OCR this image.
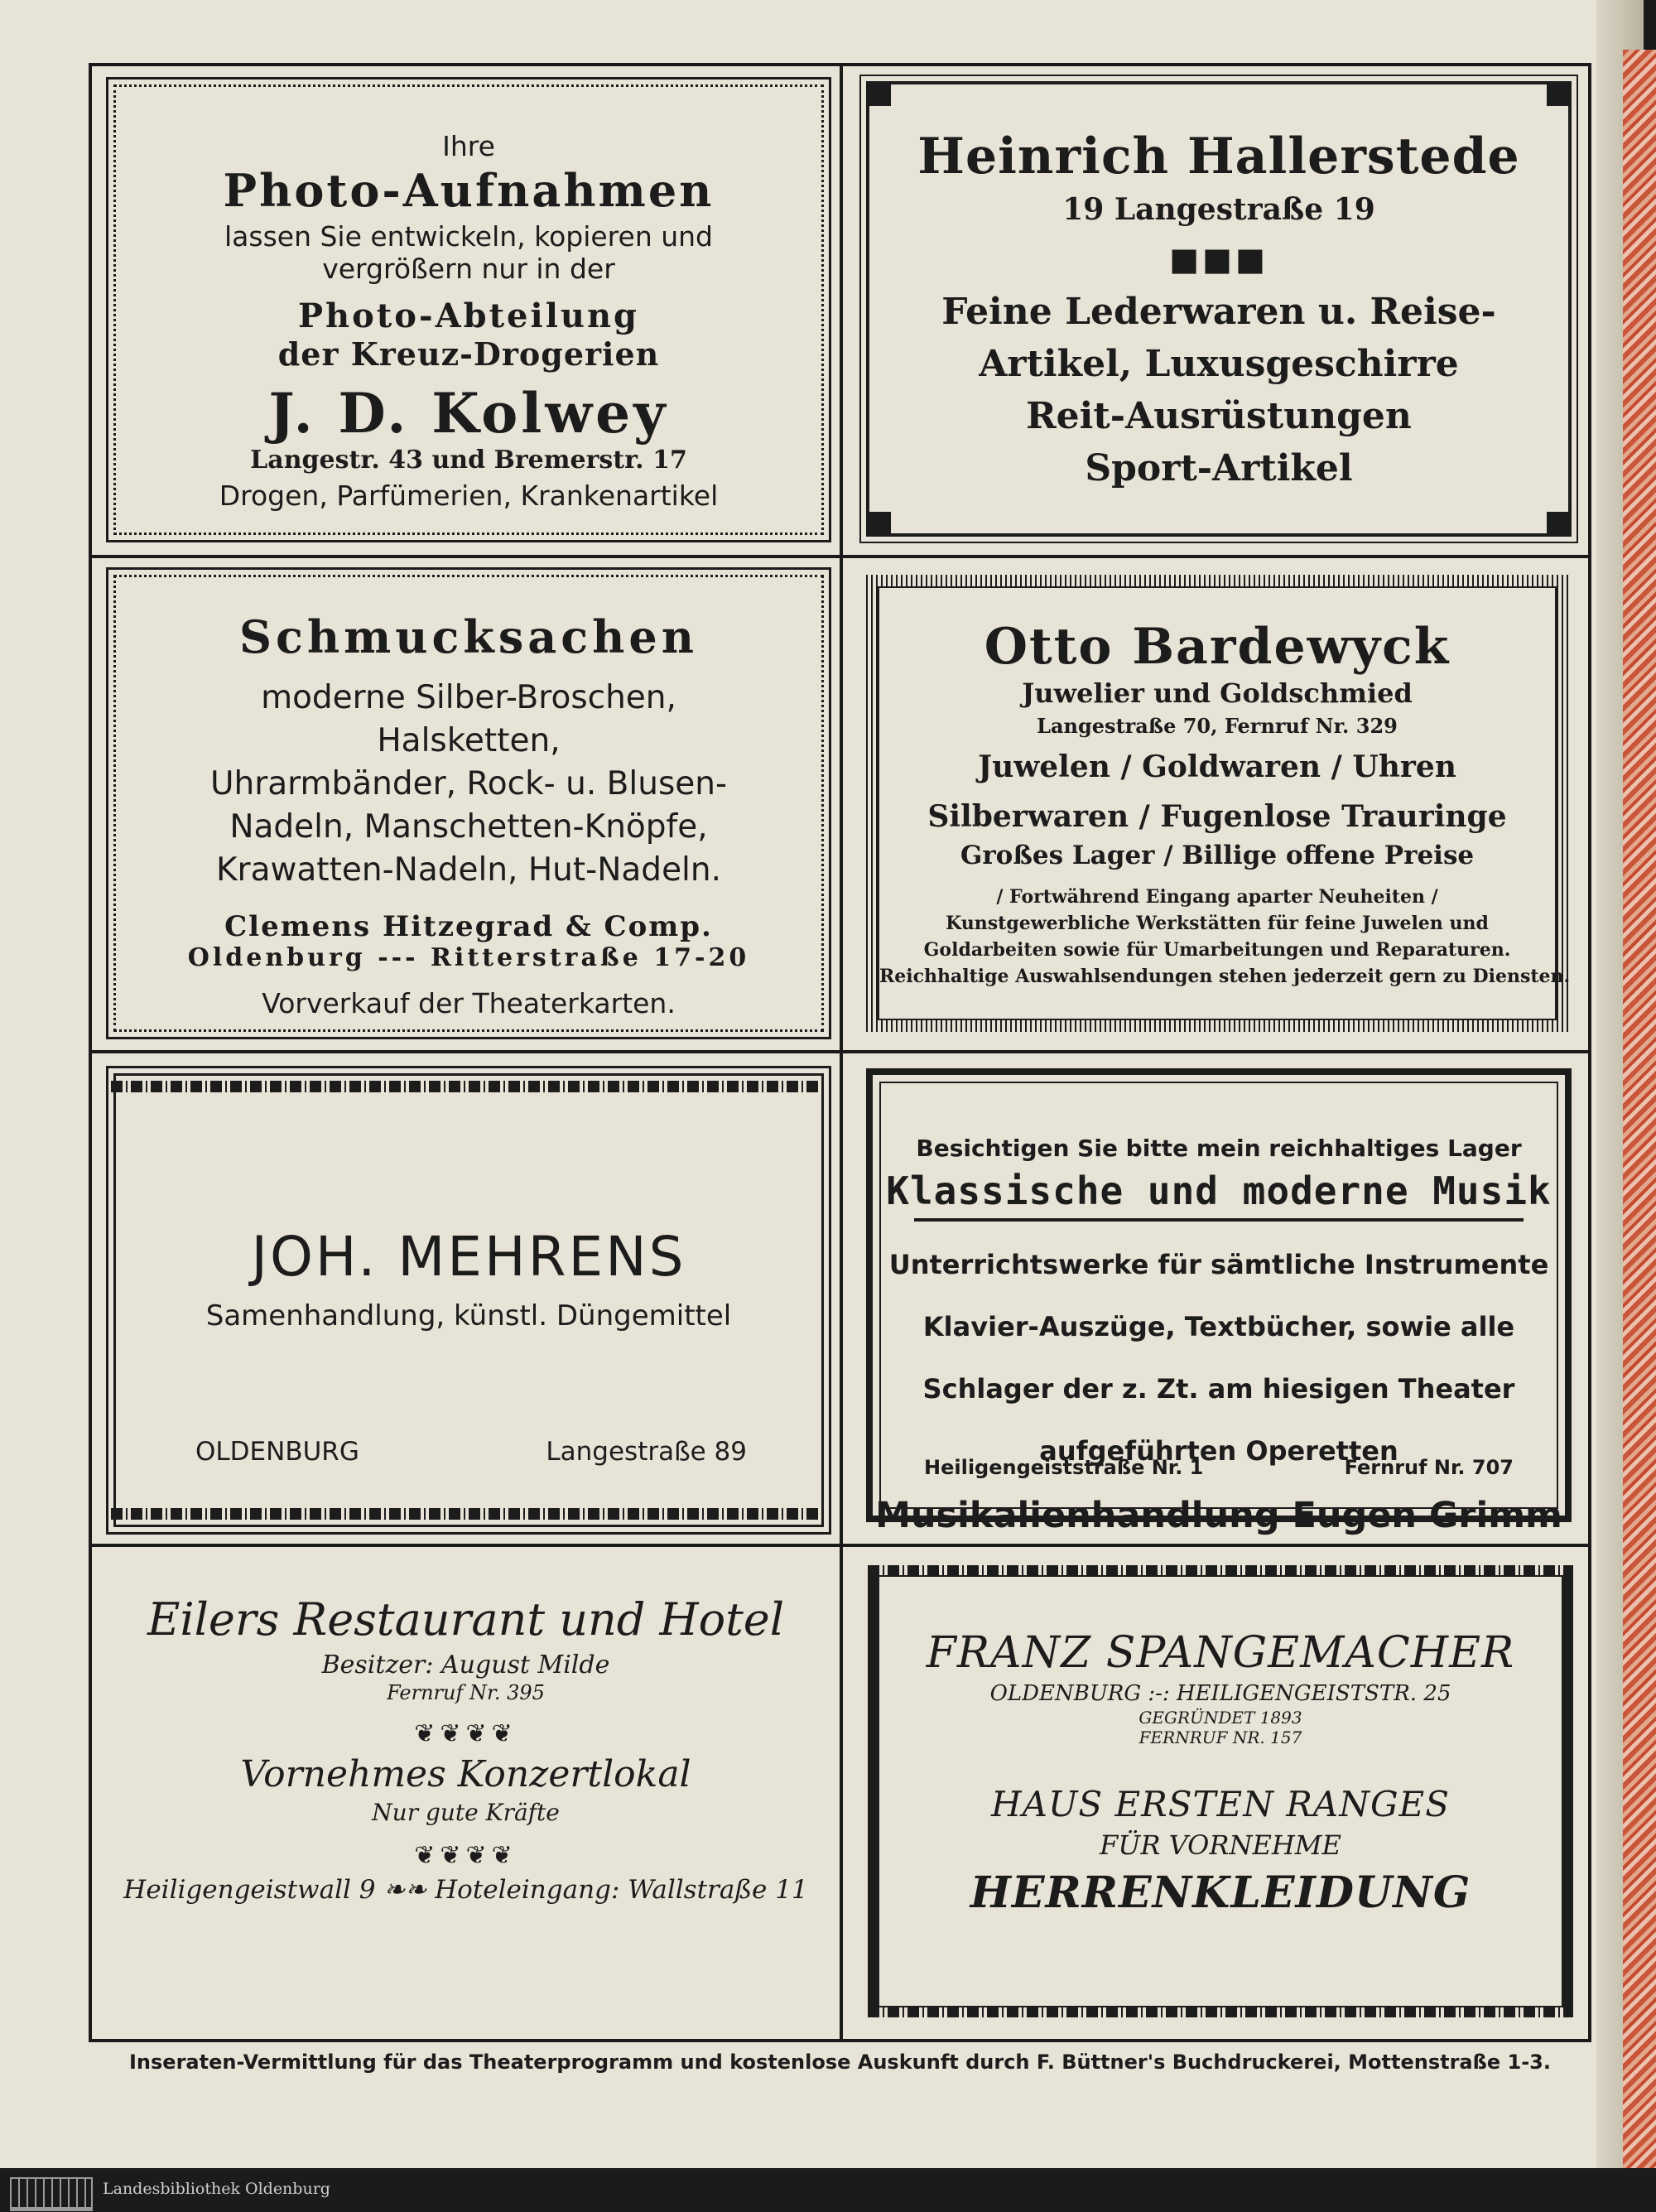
Ihre
Photo-Aufnahmen
lassen Sie entwickeln, kopieren und
vergrößern nur in der
Photo-Abteilung
der Kreuz-Drogerien
J. D. Kolwey
Langestr. 43 und Bremerstr. 17
Drogen, Parfümerien, Krankenartikel
Heinrich Hallerstede
19 Langestraße 19
■■■
Feine Lederwaren u. Reise-
Artikel, Luxusgeschirre
Reit-Ausrüstungen
Sport-Artikel
Schmucksachen
moderne Silber-Broschen,
Halsketten,
Uhrarmbänder, Rock- u. Blusen-
Nadeln, Manschetten-Knöpfe,
Krawatten-Nadeln, Hut-Nadeln.
Clemens Hitzegrad & Comp.
Oldenburg --- Ritterstraße 17-20
Vorverkauf der Theaterkarten.
Otto Bardewyck
Juwelier und Goldschmied
Langestraße 70, Fernruf Nr. 329
Juwelen / Goldwaren / Uhren
Silberwaren / Fugenlose Trauringe
Großes Lager / Billige offene Preise
/ Fortwährend Eingang aparter Neuheiten /
Kunstgewerbliche Werkstätten für feine Juwelen und
Goldarbeiten sowie für Umarbeitungen und Reparaturen.
Reichhaltige Auswahlsendungen stehen jederzeit gern zu Diensten.
JOH. MEHRENS
Samenhandlung, künstl. Düngemittel
OLDENBURG	Langestraße 89
Besichtigen Sie bitte mein reichhaltiges Lager
Klassische und moderne Musik
Unterrichtswerke für sämtliche Instrumente
Klavier-Auszüge, Textbücher, sowie alle
Schlager der z. Zt. am hiesigen Theater
aufgeführten Operetten
Musikalienhandlung Eugen Grimm
Heiligengeiststraße Nr. 1	Fernruf Nr. 707
Eilers Restaurant und Hotel
Besitzer: August Milde
Fernruf Nr. 395
❦❦❦❦
Vornehmes Konzertlokal
Nur gute Kräfte
❦❦❦❦
Heiligengeistwall 9 ❧❧ Hoteleingang: Wallstraße 11
FRANZ SPANGEMACHER
OLDENBURG :-: HEILIGENGEISTSTR. 25
GEGRÜNDET 1893
FERNRUF NR. 157
HAUS ERSTEN RANGES
FÜR VORNEHME
HERRENKLEIDUNG
Inseraten-Vermittlung für das Theaterprogramm und kostenlose Auskunft durch F. Büttner's Buchdruckerei, Mottenstraße 1-3.
Landesbibliothek Oldenburg
